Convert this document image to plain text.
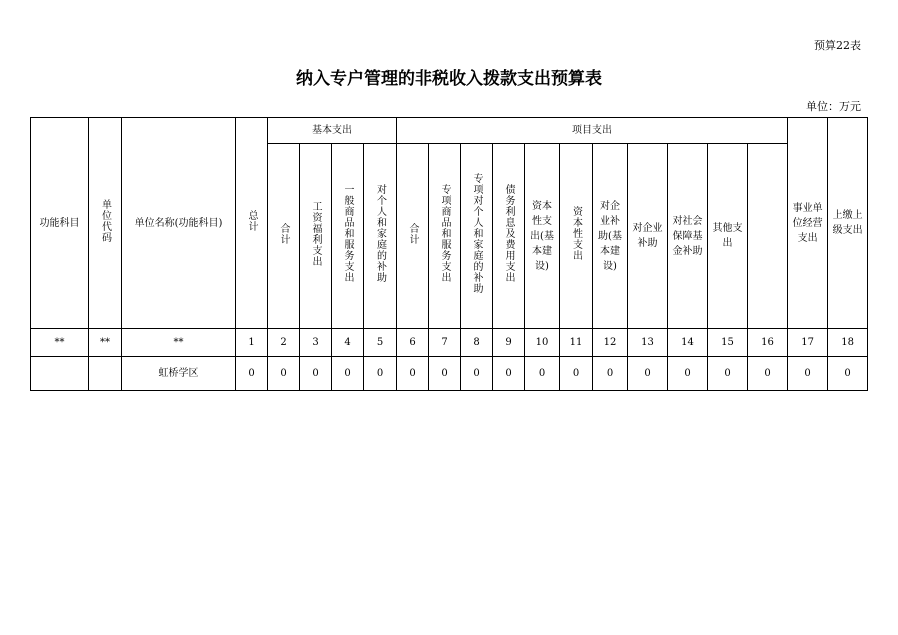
预算22表
纳入专户管理的非税收入拨款支出预算表
单位：万元
功能科目	单位代码	单位名称(功能科目)	总计	基本支出				项目支出											事业单位经营支出	上缴上级支出

				合计	工资福利支出	一般商品和服务支出	对个人和家庭的补助	合计	专项商品和服务支出	专项对个人和家庭的补助	债务利息及费用支出	资本性支出(基本建设)	资本性支出	对企业补助(基本建设)	对企业补助	对社会保障基金补助	其他支出				

**	**	**	1	2	3	4	5	6	7	8	9	10	11	12	13	14	15	16	17	18	
		虹桥学区	0	0	0	0	0	0	0	0	0	0	0	0	0	0	0	0	0	0	
